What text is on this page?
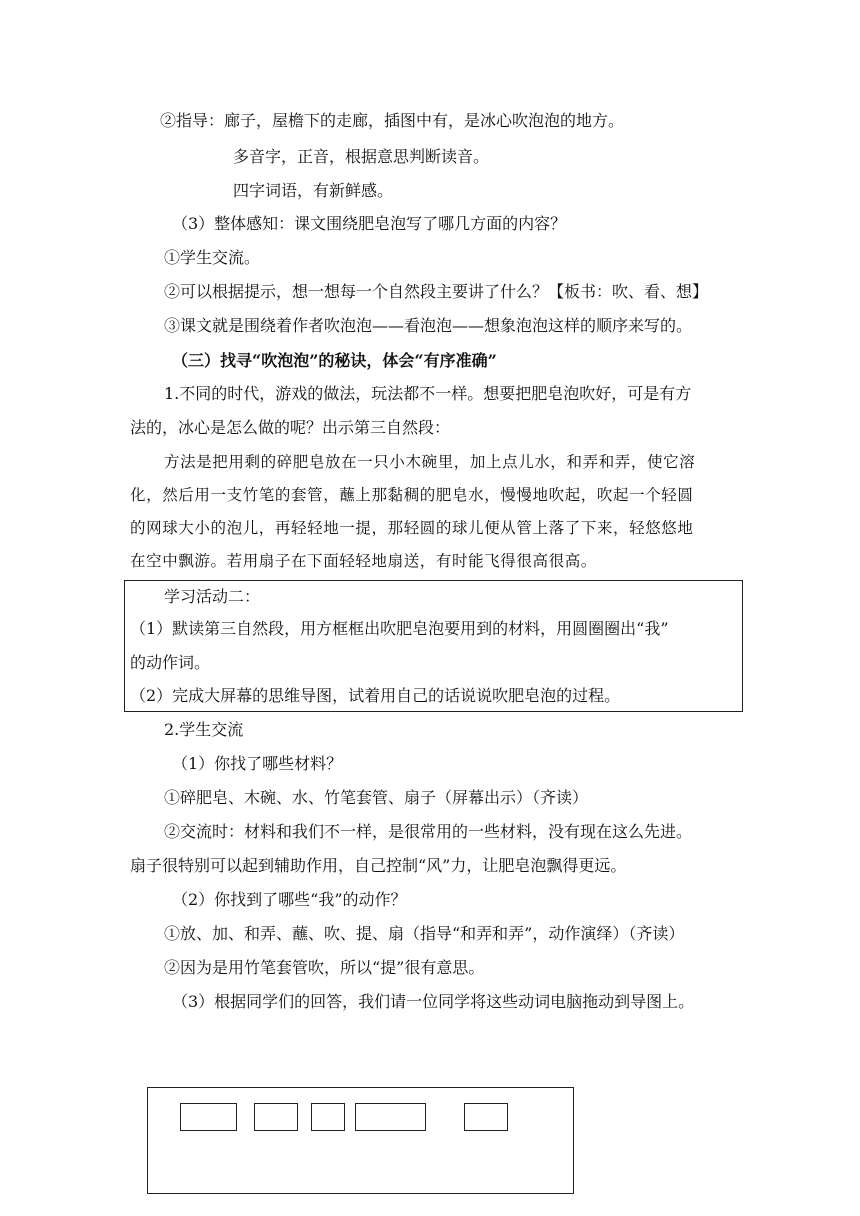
②指导：廊子，屋檐下的走廊，插图中有，是冰心吹泡泡的地方。
多音字，正音，根据意思判断读音。
四字词语，有新鲜感。
（3）整体感知：课文围绕肥皂泡写了哪几方面的内容？
①学生交流。
②可以根据提示，想一想每一个自然段主要讲了什么？【板书：吹、看、想】
③课文就是围绕着作者吹泡泡——看泡泡——想象泡泡这样的顺序来写的。
（三）找寻“吹泡泡”的秘诀，体会“有序准确”
1.不同的时代，游戏的做法，玩法都不一样。想要把肥皂泡吹好，可是有方
法的，冰心是怎么做的呢？出示第三自然段：
方法是把用剩的碎肥皂放在一只小木碗里，加上点儿水，和弄和弄，使它溶
化，然后用一支竹笔的套管，蘸上那黏稠的肥皂水，慢慢地吹起，吹起一个轻圆
的网球大小的泡儿，再轻轻地一提，那轻圆的球儿便从管上落了下来，轻悠悠地
在空中飘游。若用扇子在下面轻轻地扇送，有时能飞得很高很高。
学习活动二：
（1）默读第三自然段，用方框框出吹肥皂泡要用到的材料，用圆圈圈出“我”
的动作词。
（2）完成大屏幕的思维导图，试着用自己的话说说吹肥皂泡的过程。
2.学生交流
（1）你找了哪些材料？
①碎肥皂、木碗、水、竹笔套管、扇子（屏幕出示）（齐读）
②交流时：材料和我们不一样，是很常用的一些材料，没有现在这么先进。
扇子很特别可以起到辅助作用，自己控制“风”力，让肥皂泡飘得更远。
（2）你找到了哪些“我”的动作？
①放、加、和弄、蘸、吹、提、扇（指导“和弄和弄”，动作演绎）（齐读）
②因为是用竹笔套管吹，所以“提”很有意思。
（3）根据同学们的回答，我们请一位同学将这些动词电脑拖动到导图上。
